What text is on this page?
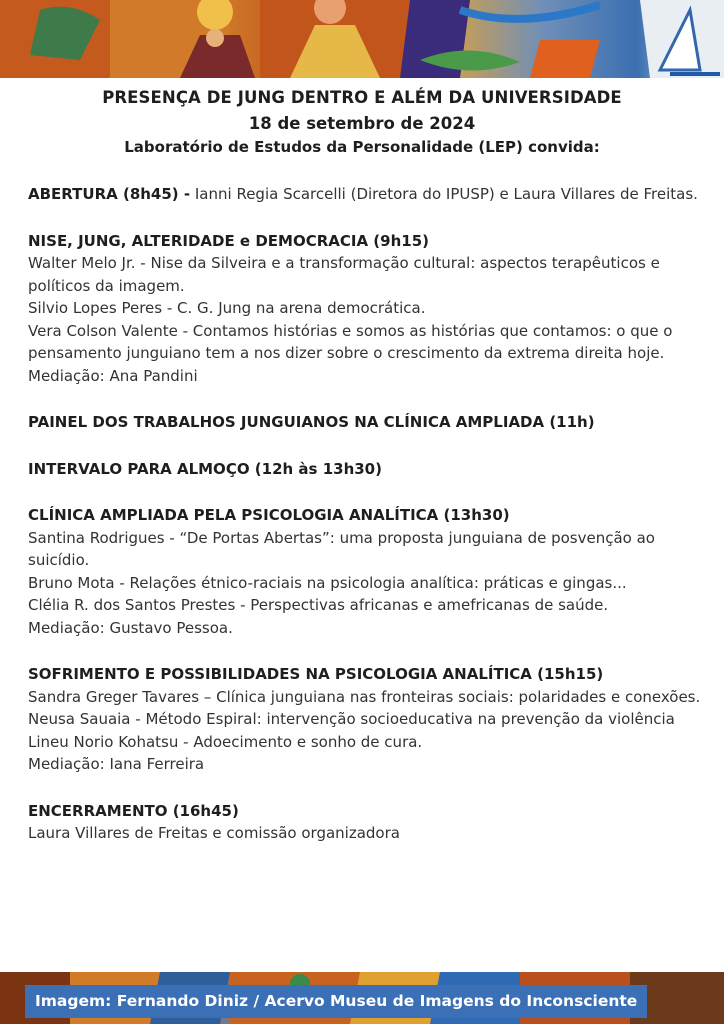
PRESENÇA DE JUNG DENTRO E ALÉM DA UNIVERSIDADE
18 de setembro de 2024
Laboratório de Estudos da Personalidade (LEP) convida:
ABERTURA (8h45) - Ianni Regia Scarcelli (Diretora do IPUSP) e Laura Villares de Freitas.
NISE, JUNG, ALTERIDADE e DEMOCRACIA (9h15)
Walter Melo Jr. - Nise da Silveira e a transformação cultural: aspectos terapêuticos e políticos da imagem.
Silvio Lopes Peres - C. G. Jung na arena democrática.
Vera Colson Valente - Contamos histórias e somos as histórias que contamos: o que o pensamento junguiano tem a nos dizer sobre o crescimento da extrema direita hoje.
Mediação: Ana Pandini
PAINEL DOS TRABALHOS JUNGUIANOS NA CLÍNICA AMPLIADA (11h)
INTERVALO PARA ALMOÇO (12h às 13h30)
CLÍNICA AMPLIADA PELA PSICOLOGIA ANALÍTICA (13h30)
Santina Rodrigues - “De Portas Abertas”: uma proposta junguiana de posvenção ao suicídio.
Bruno Mota - Relações étnico-raciais na psicologia analítica: práticas e gingas...
Clélia R. dos Santos Prestes - Perspectivas africanas e amefricanas de saúde.
Mediação: Gustavo Pessoa.
SOFRIMENTO E POSSIBILIDADES NA PSICOLOGIA ANALÍTICA (15h15)
Sandra Greger Tavares – Clínica junguiana nas fronteiras sociais: polaridades e conexões.
Neusa Sauaia - Método Espiral: intervenção socioeducativa na prevenção da violência
Lineu Norio Kohatsu - Adoecimento e sonho de cura.
Mediação: Iana Ferreira
ENCERRAMENTO (16h45)
Laura Villares de Freitas e comissão organizadora
Imagem: Fernando Diniz / Acervo Museu de Imagens do Inconsciente
